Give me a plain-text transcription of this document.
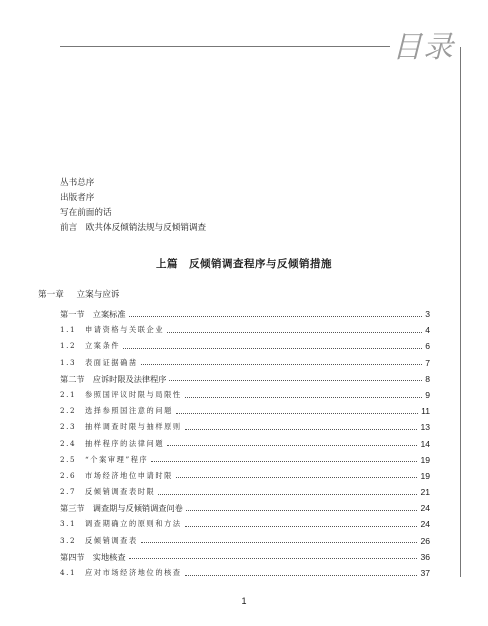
目录
丛书总序
出版者序
写在前面的话
前言　欧共体反倾销法规与反倾销调查
上篇　反倾销调查程序与反倾销措施
第一章 立案与应诉
第一节　立案标准	3
1.1　申请资格与关联企业	4
1.2　立案条件	6
1.3　表面证据确凿	7
第二节　应诉时限及法律程序	8
2.1　参照国评议时限与局限性	9
2.2　选择参照国注意的问题	11
2.3　抽样调查时限与抽样原则	13
2.4　抽样程序的法律问题	14
2.5　“个案审理”程序	19
2.6　市场经济地位申请时限	19
2.7　反倾销调查表时限	21
第三节　调查期与反倾销调查问卷	24
3.1　调查期确立的原则和方法	24
3.2　反倾销调查表	26
第四节　实地核查	36
4.1　应对市场经济地位的核查	37
1
